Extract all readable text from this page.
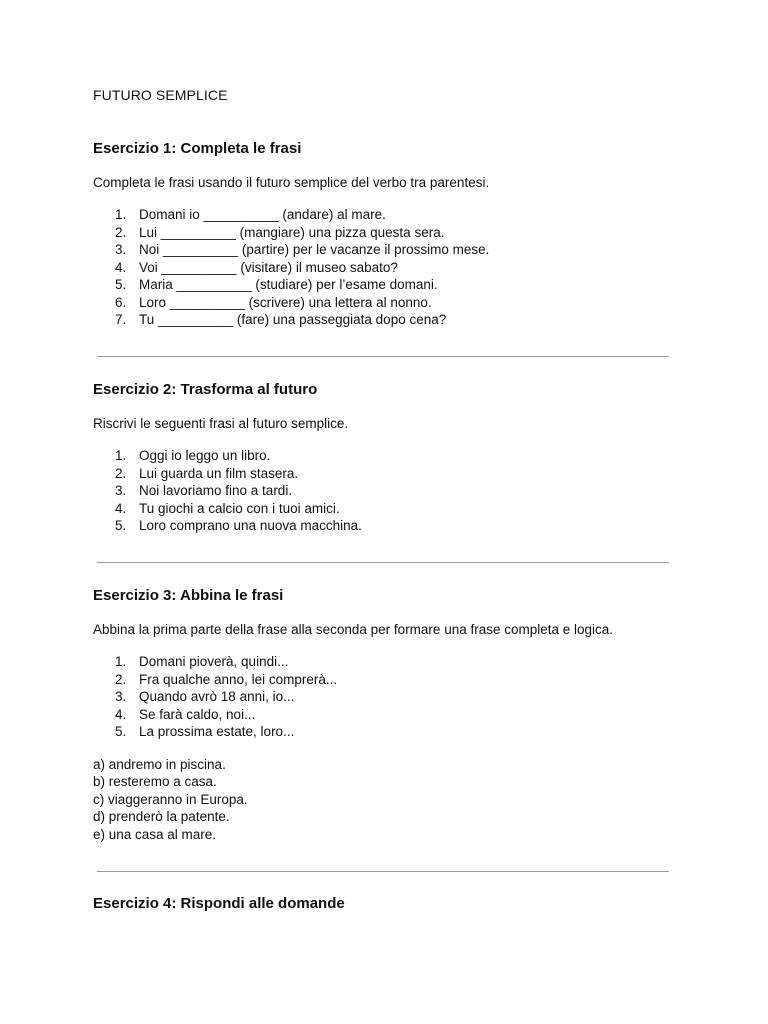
FUTURO SEMPLICE
Esercizio 1: Completa le frasi

Completa le frasi usando il futuro semplice del verbo tra parentesi.

1. Domani io __________ (andare) al mare.
2. Lui __________ (mangiare) una pizza questa sera.
3. Noi __________ (partire) per le vacanze il prossimo mese.
4. Voi __________ (visitare) il museo sabato?
5. Maria __________ (studiare) per l’esame domani.
6. Loro __________ (scrivere) una lettera al nonno.
7. Tu __________ (fare) una passeggiata dopo cena?
Esercizio 2: Trasforma al futuro

Riscrivi le seguenti frasi al futuro semplice.

1. Oggi io leggo un libro.
2. Lui guarda un film stasera.
3. Noi lavoriamo fino a tardi.
4. Tu giochi a calcio con i tuoi amici.
5. Loro comprano una nuova macchina.
Esercizio 3: Abbina le frasi

Abbina la prima parte della frase alla seconda per formare una frase completa e logica.

1. Domani pioverà, quindi...
2. Fra qualche anno, lei comprerà...
3. Quando avrò 18 anni, io...
4. Se farà caldo, noi...
5. La prossima estate, loro...
a) andremo in piscina.
b) resteremo a casa.
c) viaggeranno in Europa.
d) prenderò la patente.
e) una casa al mare.
Esercizio 4: Rispondi alle domande
